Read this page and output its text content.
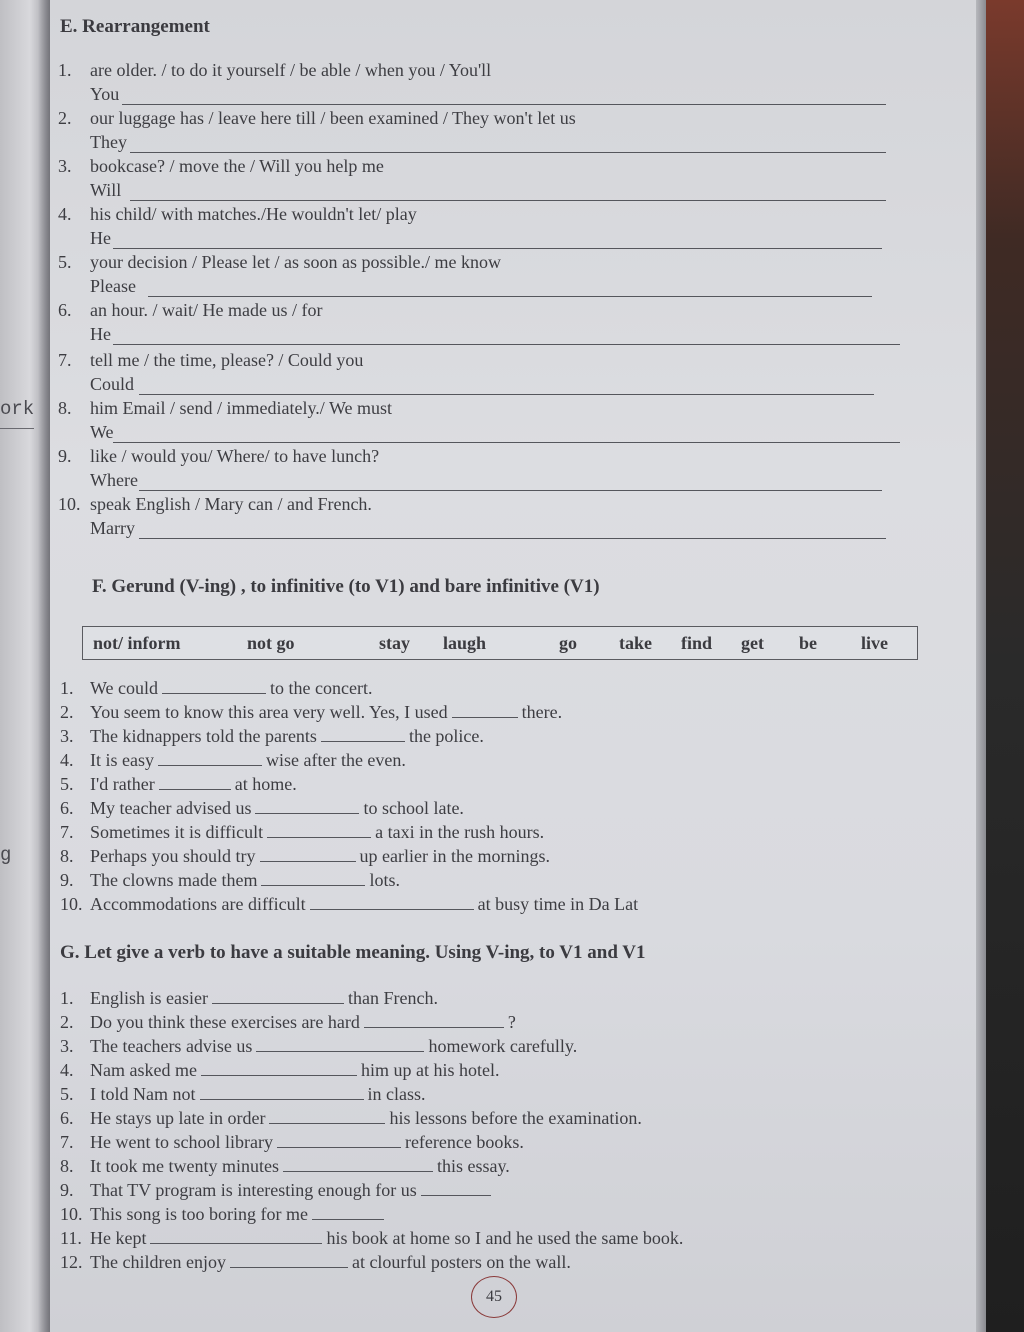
ork
g
E. Rearrangement
1. are older. / to do it yourself / be able / when you / You'll
You
2. our luggage has / leave here till / been examined / They won't let us
They
3. bookcase? / move the / Will you help me
Will
4. his child/ with matches./He wouldn't let/ play
He
5. your decision / Please let / as soon as possible./ me know
Please
6. an hour. / wait/ He made us / for
He
7. tell me / the time, please? / Could you
Could
8. him Email / send / immediately./ We must
We
9. like / would you/ Where/ to have lunch?
Where
10. speak English / Mary can / and French.
Marry
F. Gerund (V-ing) , to infinitive (to V1) and bare infinitive (V1)
not/ inform	not go	stay laugh	go take find get be live
1. We could	to the concert.
2. You seem to know this area very well. Yes, I used	there.
3. The kidnappers told the parents	the police.
4. It is easy	wise after the even.
5. I'd rather	at home.
6. My teacher advised us	to school late.
7. Sometimes it is difficult	a taxi in the rush hours.
8. Perhaps you should try	up earlier in the mornings.
9. The clowns made them	lots.
10. Accommodations are difficult	at busy time in Da Lat
G. Let give a verb to have a suitable meaning. Using V-ing, to V1 and V1
1. English is easier	than French.
2. Do you think these exercises are hard	?
3. The teachers advise us	homework carefully.
4. Nam asked me	him up at his hotel.
5. I told Nam not	in class.
6. He stays up late in order	his lessons before the examination.
7. He went to school library	reference books.
8. It took me twenty minutes	this essay.
9. That TV program is interesting enough for us
10. This song is too boring for me
11. He kept	his book at home so I and he used the same book.
12. The children enjoy	at clourful posters on the wall.
45
